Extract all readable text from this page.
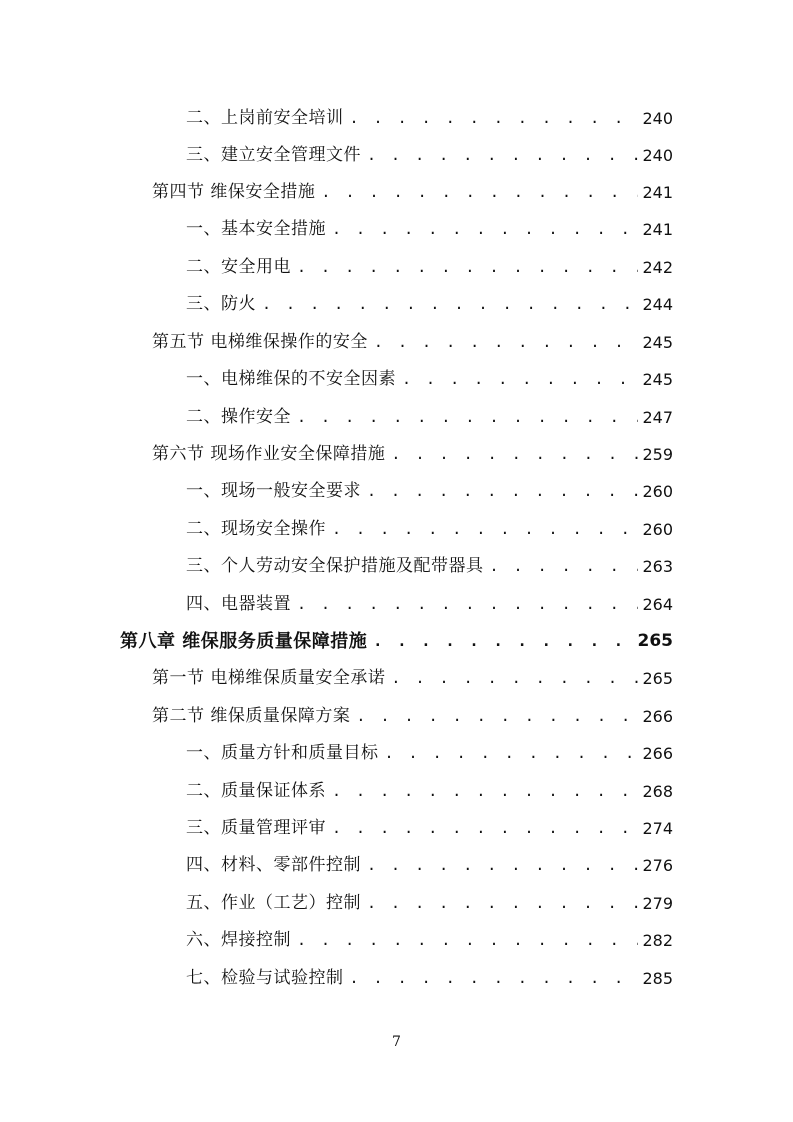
二、上岗前安全培训 . . .	240
三、建立安全管理文件 . . .	240
第四节 维保安全措施 . . .	241
一、基本安全措施 . . .	241
二、安全用电 . . .	242
三、防火 . . .	244
第五节 电梯维保操作的安全 . . .	245
一、电梯维保的不安全因素 . . .	245
二、操作安全 . . .	247
第六节 现场作业安全保障措施 . . .	259
一、现场一般安全要求 . . .	260
二、现场安全操作 . . .	260
三、个人劳动安全保护措施及配带器具 . . .	263
四、电器装置 . . .	264
第八章 维保服务质量保障措施 . . .	265
第一节 电梯维保质量安全承诺 . . .	265
第二节 维保质量保障方案 . . .	266
一、质量方针和质量目标 . . .	266
二、质量保证体系 . . .	268
三、质量管理评审 . . .	274
四、材料、零部件控制 . . .	276
五、作业（工艺）控制 . . .	279
六、焊接控制 . . .	282
七、检验与试验控制 . . .	285
7
